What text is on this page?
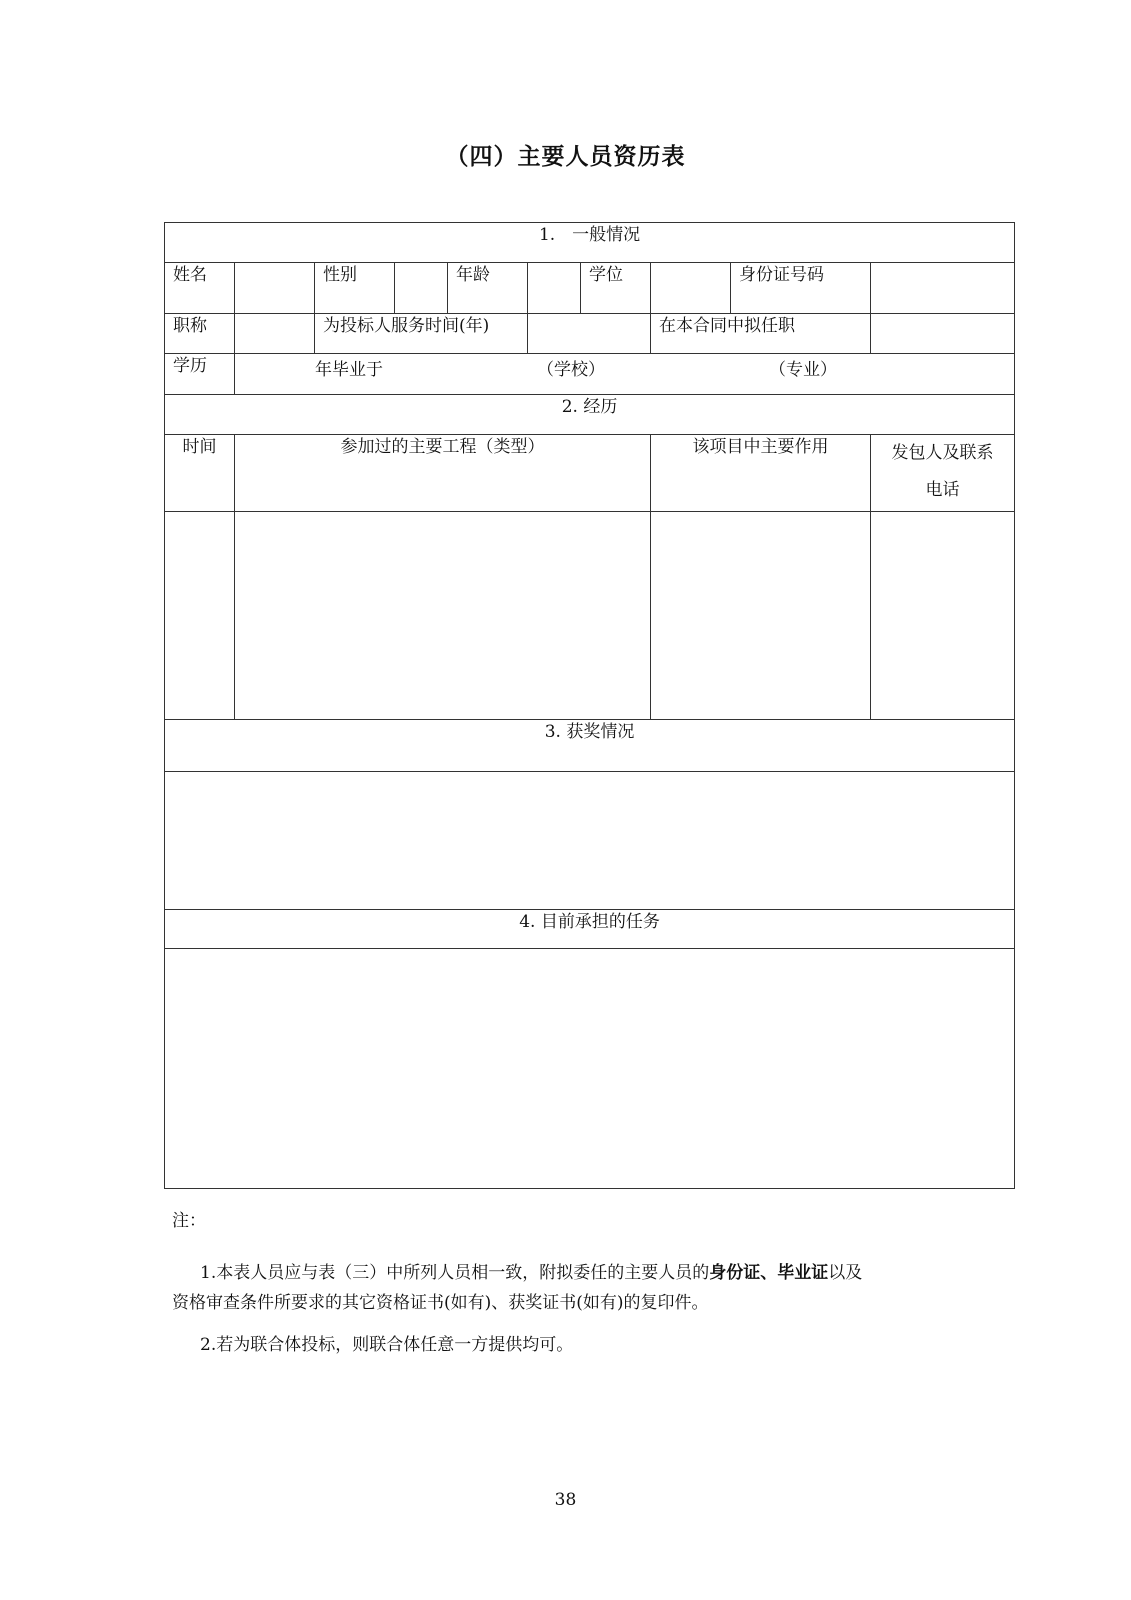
（四）主要人员资历表
1.　一般情况									
姓名		性别		年龄		学位		身份证号码	
职称		为投标人服务时间(年)					在本合同中拟任职		
学历	年毕业于 （学校） （专业）								

2. 经历									
时间	参加过的主要工程（类型）						该项目中主要作用		发包人及联系
电话

3. 获奖情况									

4. 目前承担的任务									

注：
1.本表人员应与表（三）中所列人员相一致，附拟委任的主要人员的身份证、毕业证以及
资格审查条件所要求的其它资格证书(如有)、获奖证书(如有)的复印件。
2.若为联合体投标，则联合体任意一方提供均可。
38
